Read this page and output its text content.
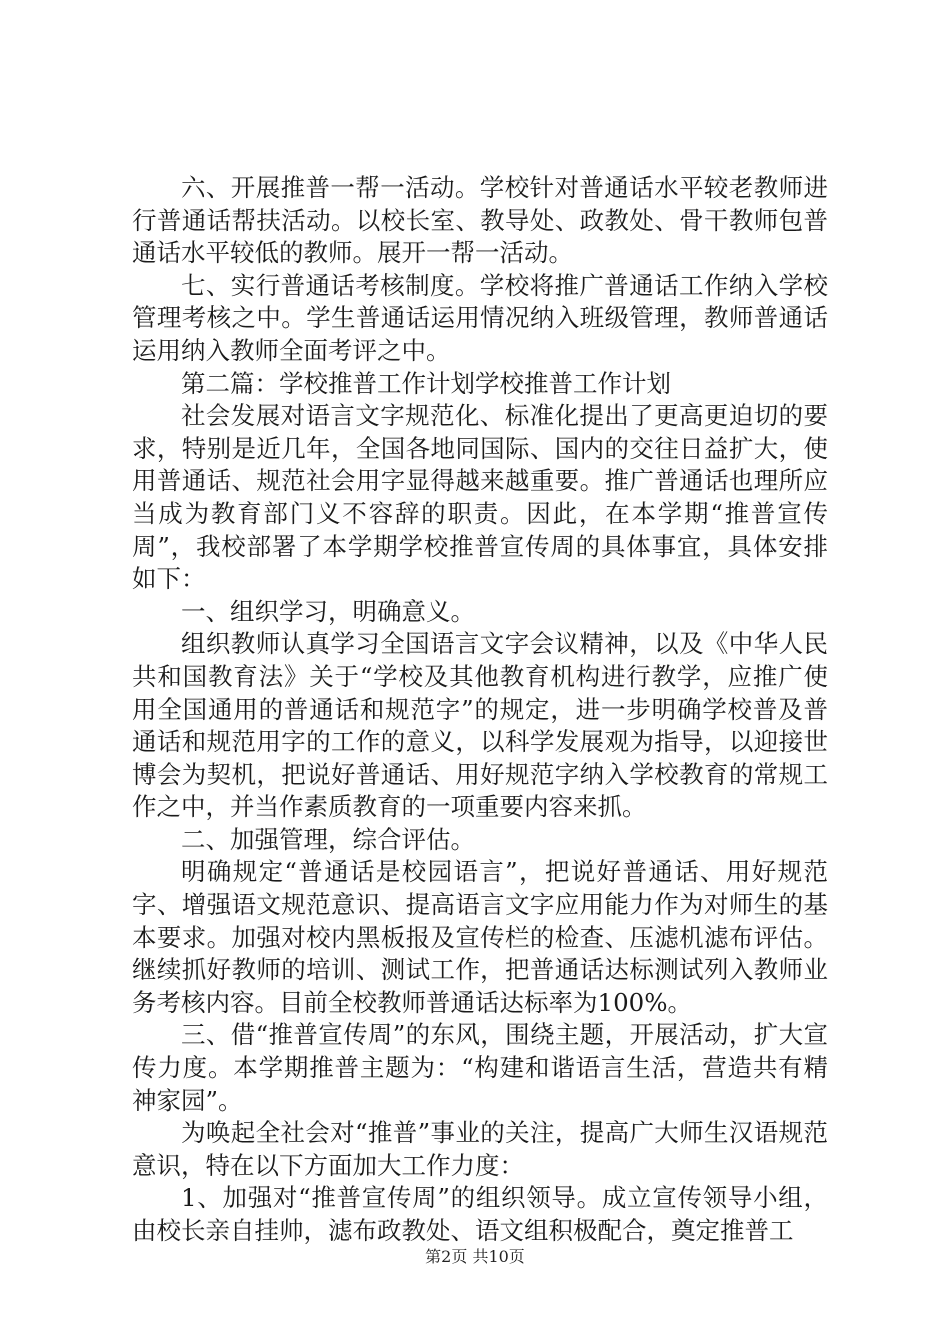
六、开展推普一帮一活动。学校针对普通话水平较老教师进行普通话帮扶活动。以校长室、教导处、政教处、骨干教师包普通话水平较低的教师。展开一帮一活动。

七、实行普通话考核制度。学校将推广普通话工作纳入学校管理考核之中。学生普通话运用情况纳入班级管理，教师普通话运用纳入教师全面考评之中。

第二篇：学校推普工作计划学校推普工作计划

社会发展对语言文字规范化、标准化提出了更高更迫切的要求，特别是近几年，全国各地同国际、国内的交往日益扩大，使用普通话、规范社会用字显得越来越重要。推广普通话也理所应当成为教育部门义不容辞的职责。因此，在本学期“推普宣传周”，我校部署了本学期学校推普宣传周的具体事宜，具体安排如下：

一、组织学习，明确意义。

组织教师认真学习全国语言文字会议精神，以及《中华人民共和国教育法》关于“学校及其他教育机构进行教学，应推广使用全国通用的普通话和规范字”的规定，进一步明确学校普及普通话和规范用字的工作的意义，以科学发展观为指导，以迎接世博会为契机，把说好普通话、用好规范字纳入学校教育的常规工作之中，并当作素质教育的一项重要内容来抓。

二、加强管理，综合评估。

明确规定“普通话是校园语言”，把说好普通话、用好规范字、增强语文规范意识、提高语言文字应用能力作为对师生的基本要求。加强对校内黑板报及宣传栏的检查、压滤机滤布评估。继续抓好教师的培训、测试工作，把普通话达标测试列入教师业务考核内容。目前全校教师普通话达标率为100%。

三、借“推普宣传周”的东风，围绕主题，开展活动，扩大宣传力度。本学期推普主题为：“构建和谐语言生活，营造共有精神家园”。

为唤起全社会对“推普”事业的关注，提高广大师生汉语规范意识，特在以下方面加大工作力度：

1、加强对“推普宣传周”的组织领导。成立宣传领导小组，由校长亲自挂帅，滤布政教处、语文组积极配合，奠定推普工

第2页 共10页
